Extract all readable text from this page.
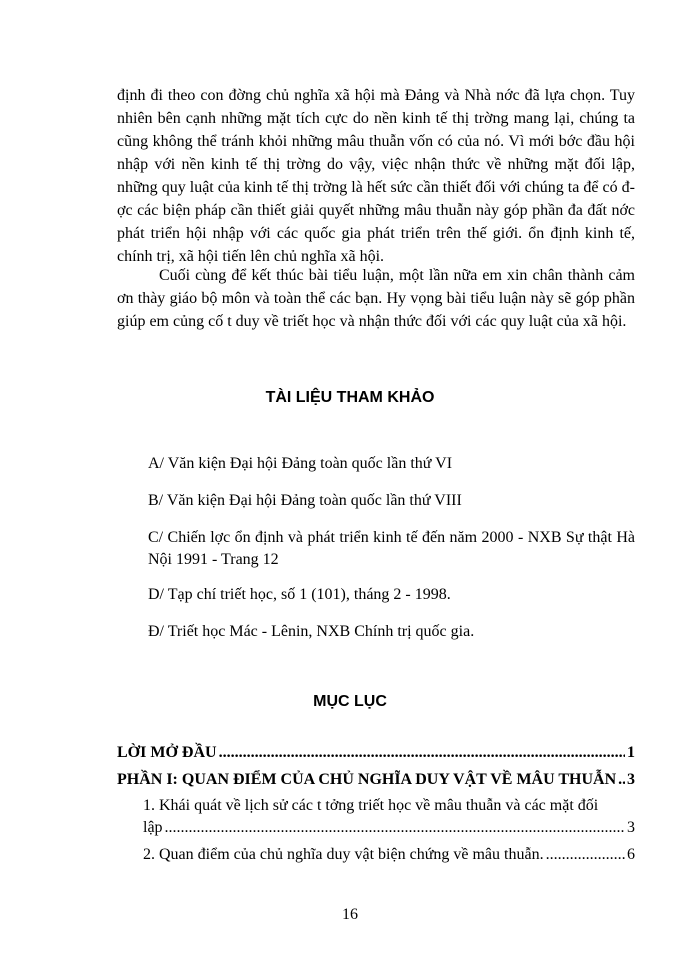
định đi theo con đờng chủ nghĩa xã hội mà Đảng và Nhà nớc đã lựa chọn. Tuy nhiên bên cạnh những mặt tích cực do nền kinh tế thị trờng mang lại, chúng ta cũng không thể tránh khỏi những mâu thuẫn vốn có của nó. Vì mới bớc đầu hội nhập với nền kinh tế thị trờng do vậy, việc nhận thức về những mặt đối lập, những quy luật của kinh tế thị trờng là hết sức cần thiết đối với chúng ta để có đợc các biện pháp cần thiết giải quyết những mâu thuẫn này góp phần đa đất nớc phát triển hội nhập với các quốc gia phát triển trên thế giới. ổn định kinh tế, chính trị, xã hội tiến lên chủ nghĩa xã hội.

Cuối cùng để kết thúc bài tiểu luận, một lần nữa em xin chân thành cảm ơn thày giáo bộ môn và toàn thể các bạn. Hy vọng bài tiểu luận này sẽ góp phần giúp em củng cố t duy về triết học và nhận thức đối với các quy luật của xã hội.

TÀI LIỆU THAM KHẢO
A/ Văn kiện Đại hội Đảng toàn quốc lần thứ VI
B/ Văn kiện Đại hội Đảng toàn quốc lần thứ VIII
C/ Chiến lợc ổn định và phát triển kinh tế đến năm 2000 - NXB Sự thật Hà Nội 1991 - Trang 12
D/ Tạp chí triết học, số 1 (101), tháng 2 - 1998.
Đ/ Triết học Mác - Lênin, NXB Chính trị quốc gia.
MỤC LỤC
LỜI MỞ ĐẦU .....	1
PHẦN I: QUAN ĐIỂM CỦA CHỦ NGHĨA DUY VẬT VỀ MÂU THUẪN ..... 3
1. Khái quát về lịch sử các t tởng triết học về mâu thuẫn và các mặt đối
lập .....	3
2. Quan điểm của chủ nghĩa duy vật biện chứng về mâu thuẫn. .....	6
16
